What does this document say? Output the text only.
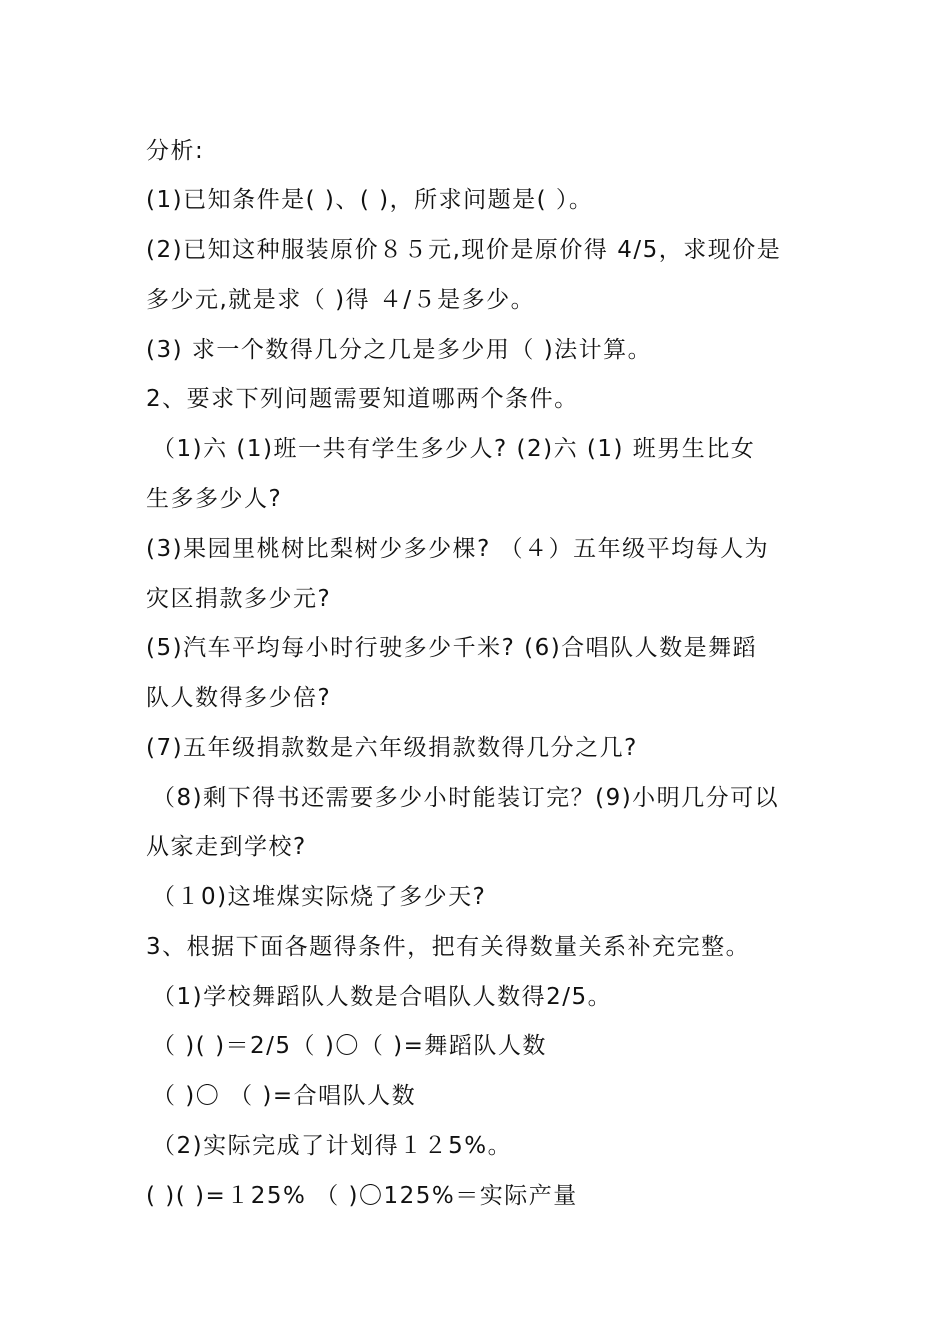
分析:
(1)已知条件是( )、( )，所求问题是( ）。
(2)已知这种服装原价８５元,现价是原价得 4/5，求现价是
多少元,就是求（ )得 ４/５是多少。
(3) 求一个数得几分之几是多少用（ )法计算。
2、要求下列问题需要知道哪两个条件。
（1)六 (1)班一共有学生多少人? (2)六 (1) 班男生比女
生多多少人?
(3)果园里桃树比梨树少多少棵? （４）五年级平均每人为
灾区捐款多少元?
(5)汽车平均每小时行驶多少千米? (6)合唱队人数是舞蹈
队人数得多少倍?
(7)五年级捐款数是六年级捐款数得几分之几?
（8)剩下得书还需要多少小时能装订完？(9)小明几分可以
从家走到学校?
（１0)这堆煤实际烧了多少天?
3、根据下面各题得条件，把有关得数量关系补充完整。
（1)学校舞蹈队人数是合唱队人数得2/5。
（ )( )＝2/5（ )〇（ )=舞蹈队人数
（ )〇 （ )=合唱队人数
（2)实际完成了计划得１２5%。
( )( )=１25% （ )〇125%＝实际产量
